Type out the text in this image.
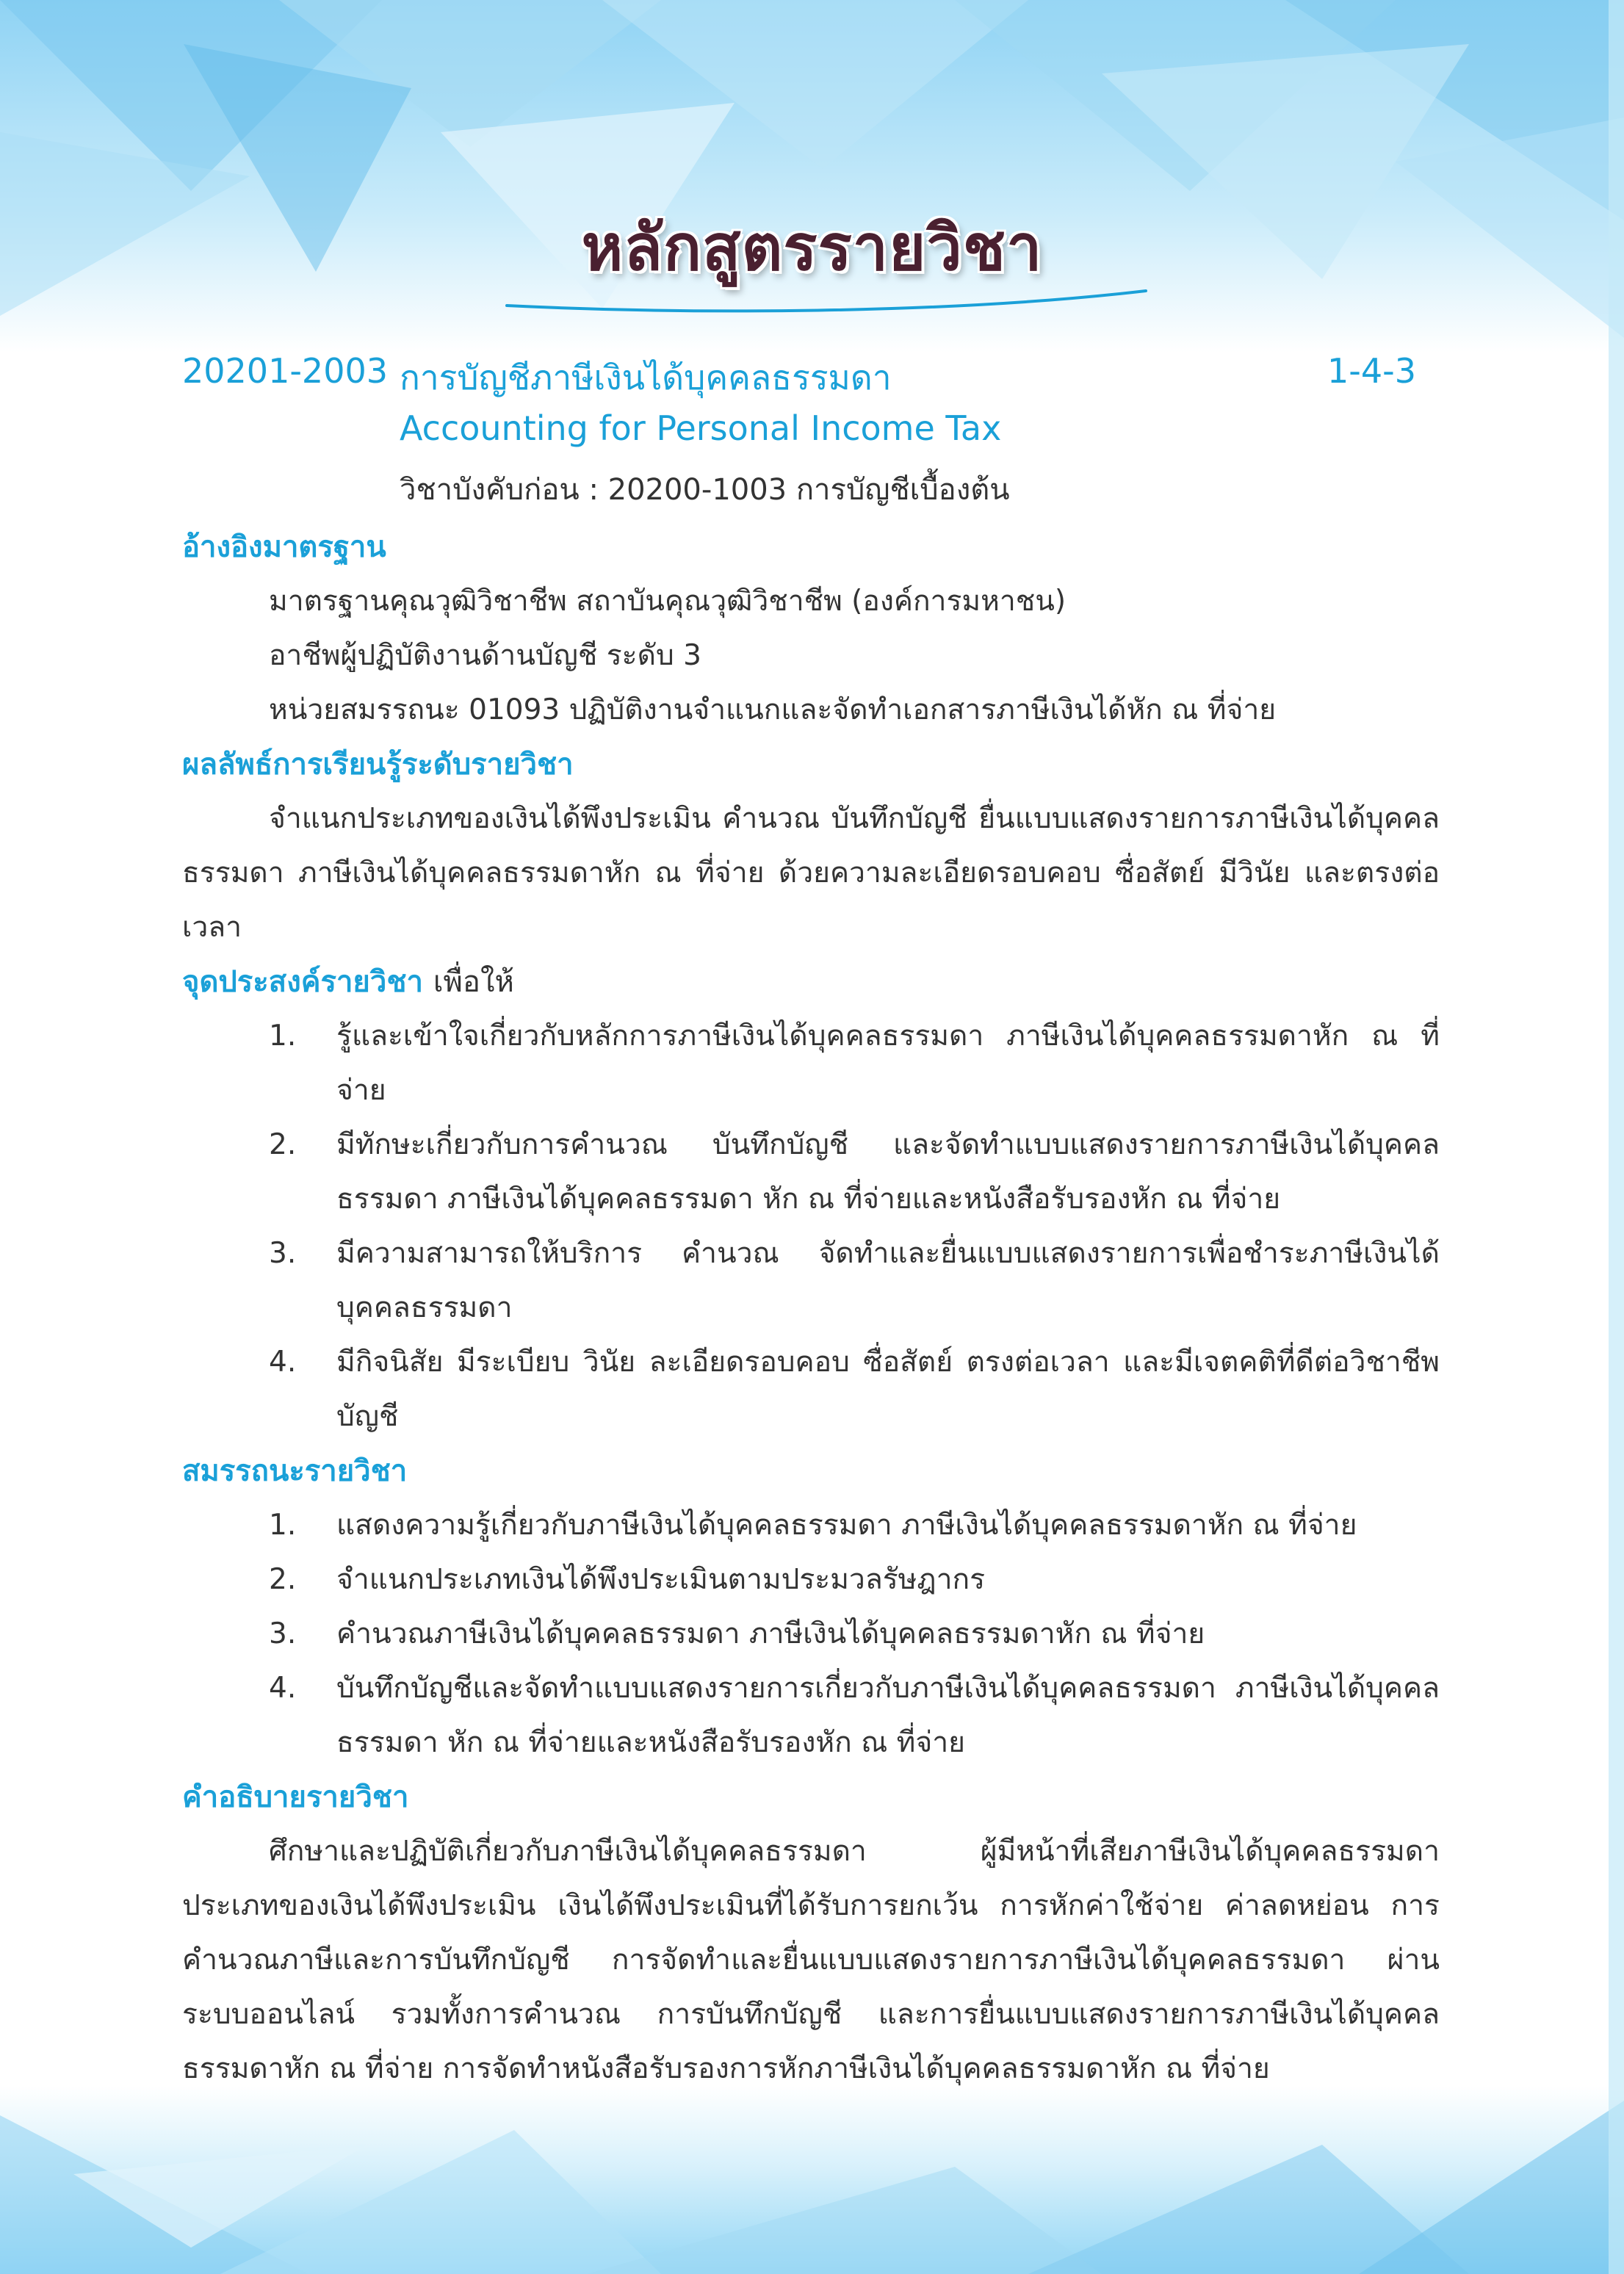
หลักสูตรรายวิชา
20201-2003 การบัญชีภาษีเงินได้บุคคลธรรมดา	1-4-3
Accounting for Personal Income Tax
วิชาบังคับก่อน : 20200-1003 การบัญชีเบื้องต้น
อ้างอิงมาตรฐาน
มาตรฐานคุณวุฒิวิชาชีพ สถาบันคุณวุฒิวิชาชีพ (องค์การมหาชน)
อาชีพผู้ปฏิบัติงานด้านบัญชี ระดับ 3
หน่วยสมรรถนะ 01093 ปฏิบัติงานจำแนกและจัดทำเอกสารภาษีเงินได้หัก ณ ที่จ่าย
ผลลัพธ์การเรียนรู้ระดับรายวิชา
จำแนกประเภทของเงินได้พึงประเมิน คำนวณ บันทึกบัญชี ยื่นแบบแสดงรายการภาษีเงินได้บุคคลธรรมดา ภาษีเงินได้บุคคลธรรมดาหัก ณ ที่จ่าย ด้วยความละเอียดรอบคอบ ซื่อสัตย์ มีวินัย และตรงต่อเวลา
จุดประสงค์รายวิชา เพื่อให้
1. รู้และเข้าใจเกี่ยวกับหลักการภาษีเงินได้บุคคลธรรมดา ภาษีเงินได้บุคคลธรรมดาหัก ณ ที่จ่าย
2. มีทักษะเกี่ยวกับการคำนวณ บันทึกบัญชี และจัดทำแบบแสดงรายการภาษีเงินได้บุคคลธรรมดา ภาษีเงินได้บุคคลธรรมดา หัก ณ ที่จ่ายและหนังสือรับรองหัก ณ ที่จ่าย
3. มีความสามารถให้บริการ คำนวณ จัดทำและยื่นแบบแสดงรายการเพื่อชำระภาษีเงินได้บุคคลธรรมดา
4. มีกิจนิสัย มีระเบียบ วินัย ละเอียดรอบคอบ ซื่อสัตย์ ตรงต่อเวลา และมีเจตคติที่ดีต่อวิชาชีพบัญชี
สมรรถนะรายวิชา
1. แสดงความรู้เกี่ยวกับภาษีเงินได้บุคคลธรรมดา ภาษีเงินได้บุคคลธรรมดาหัก ณ ที่จ่าย
2. จำแนกประเภทเงินได้พึงประเมินตามประมวลรัษฎากร
3. คำนวณภาษีเงินได้บุคคลธรรมดา ภาษีเงินได้บุคคลธรรมดาหัก ณ ที่จ่าย
4. บันทึกบัญชีและจัดทำแบบแสดงรายการเกี่ยวกับภาษีเงินได้บุคคลธรรมดา ภาษีเงินได้บุคคลธรรมดา หัก ณ ที่จ่ายและหนังสือรับรองหัก ณ ที่จ่าย
คำอธิบายรายวิชา
ศึกษาและปฏิบัติเกี่ยวกับภาษีเงินได้บุคคลธรรมดา ผู้มีหน้าที่เสียภาษีเงินได้บุคคลธรรมดา ประเภทของเงินได้พึงประเมิน เงินได้พึงประเมินที่ได้รับการยกเว้น การหักค่าใช้จ่าย ค่าลดหย่อน การคำนวณภาษีและการบันทึกบัญชี การจัดทำและยื่นแบบแสดงรายการภาษีเงินได้บุคคลธรรมดา ผ่านระบบออนไลน์ รวมทั้งการคำนวณ การบันทึกบัญชี และการยื่นแบบแสดงรายการภาษีเงินได้บุคคลธรรมดาหัก ณ ที่จ่าย การจัดทำหนังสือรับรองการหักภาษีเงินได้บุคคลธรรมดาหัก ณ ที่จ่าย
